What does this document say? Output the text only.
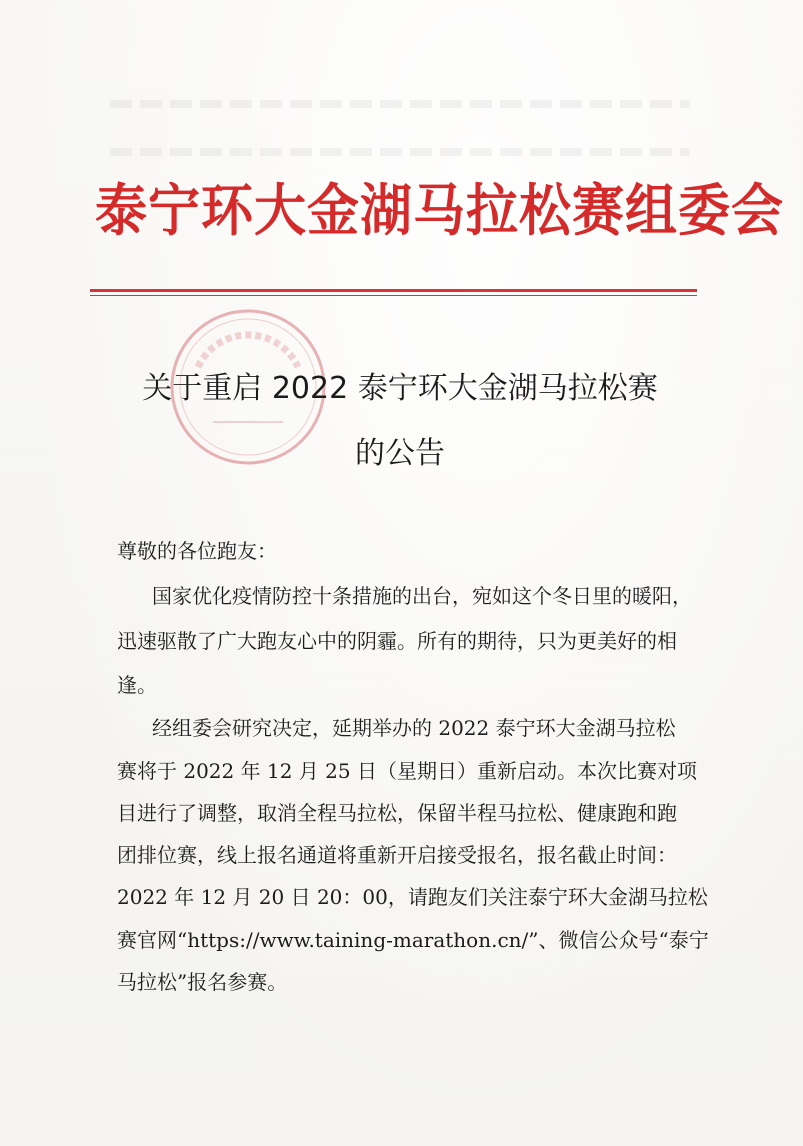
泰宁环大金湖马拉松赛组委会
关于重启 2022 泰宁环大金湖马拉松赛
的公告
尊敬的各位跑友：
国家优化疫情防控十条措施的出台，宛如这个冬日里的暖阳，
迅速驱散了广大跑友心中的阴霾。所有的期待，只为更美好的相
逢。
经组委会研究决定，延期举办的 2022 泰宁环大金湖马拉松
赛将于 2022 年 12 月 25 日（星期日）重新启动。本次比赛对项
目进行了调整，取消全程马拉松，保留半程马拉松、健康跑和跑
团排位赛，线上报名通道将重新开启接受报名，报名截止时间：
2022 年 12 月 20 日 20：00，请跑友们关注泰宁环大金湖马拉松
赛官网“https://www.taining-marathon.cn/”、微信公众号“泰宁
马拉松”报名参赛。
